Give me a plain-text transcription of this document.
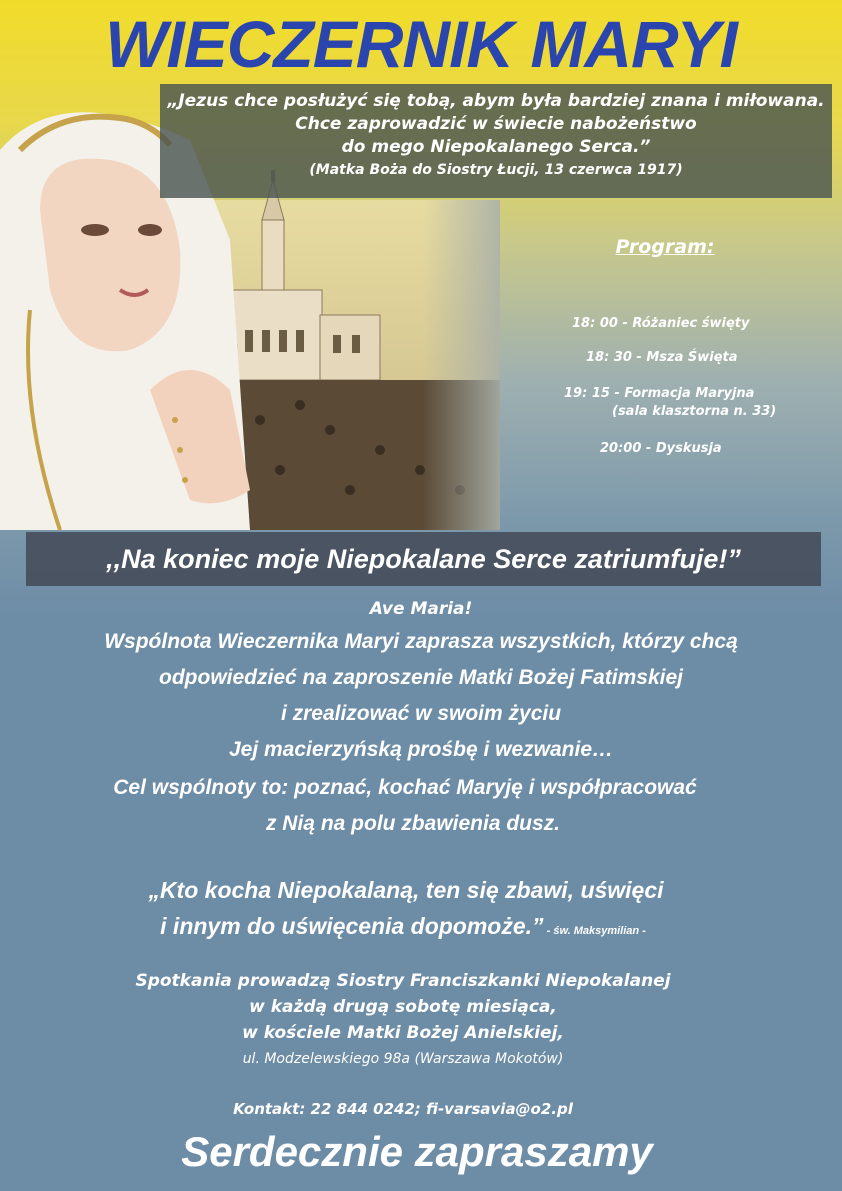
WIECZERNIK MARYI
„Jezus chce posłużyć się tobą, abym była bardziej znana i miłowana.
Chce zaprowadzić w świecie nabożeństwo
do mego Niepokalanego Serca.”
(Matka Boża do Siostry Łucji, 13 czerwca 1917)
Program:
18: 00 - Różaniec święty
18: 30 - Msza Święta
19: 15 - Formacja Maryjna
(sala klasztorna n. 33)
20:00 - Dyskusja
,,Na koniec moje Niepokalane Serce zatriumfuje!”
Ave Maria!
Wspólnota Wieczernika Maryi zaprasza wszystkich, którzy chcą
odpowiedzieć na zaproszenie Matki Bożej Fatimskiej
i zrealizować w swoim życiu
Jej macierzyńską prośbę i wezwanie…
Cel wspólnoty to: poznać, kochać Maryję i współpracować
z Nią na polu zbawienia dusz.
„Kto kocha Niepokalaną, ten się zbawi, uświęci
i innym do uświęcenia dopomoże.” - św. Maksymilian -
Spotkania prowadzą Siostry Franciszkanki Niepokalanej
w każdą drugą sobotę miesiąca,
w kościele Matki Bożej Anielskiej,
ul. Modzelewskiego 98a (Warszawa Mokotów)
Kontakt: 22 844 0242; fi-varsavia@o2.pl
Serdecznie zapraszamy
